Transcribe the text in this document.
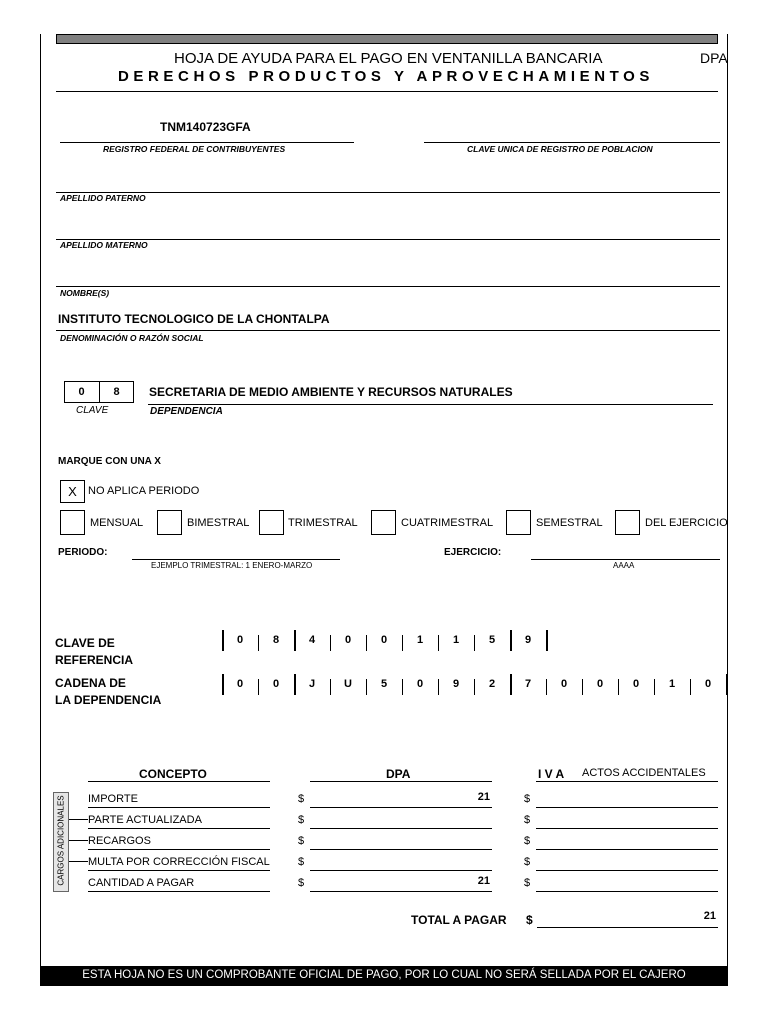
HOJA DE AYUDA PARA EL PAGO EN VENTANILLA BANCARIA	DPA
DERECHOS PRODUCTOS Y APROVECHAMIENTOS
TNM140723GFA
REGISTRO FEDERAL DE CONTRIBUYENTES	CLAVE UNICA DE REGISTRO DE POBLACION
APELLIDO PATERNO
APELLIDO MATERNO
NOMBRE(S)
INSTITUTO TECNOLOGICO DE LA CHONTALPA
DENOMINACIÓN O RAZÓN SOCIAL
0	8
CLAVE
SECRETARIA DE MEDIO AMBIENTE Y RECURSOS NATURALES
DEPENDENCIA
MARQUE CON UNA X
X	NO APLICA PERIODO
MENSUAL	BIMESTRAL	TRIMESTRAL	CUATRIMESTRAL	SEMESTRAL	DEL EJERCICIO
PERIODO:
EJEMPLO TRIMESTRAL: 1 ENERO-MARZO
EJERCICIO:
AAAA
CLAVE DE
REFERENCIA
0	8	4	0	0	1	1	5	9
CADENA DE
LA DEPENDENCIA
0	0	J	U	5	0	9	2	7	0	0	0	1	0
CONCEPTO	DPA	I V A ACTOS ACCIDENTALES
CARGOS ADICIONALES IMPORTE	$	21	$
PARTE ACTUALIZADA	$	$
RECARGOS	$	$
MULTA POR CORRECCIÓN FISCAL	$	$
CANTIDAD A PAGAR	$	21	$
TOTAL A PAGAR $	21
ESTA HOJA NO ES UN COMPROBANTE OFICIAL DE PAGO, POR LO CUAL NO SERÁ SELLADA POR EL CAJERO
